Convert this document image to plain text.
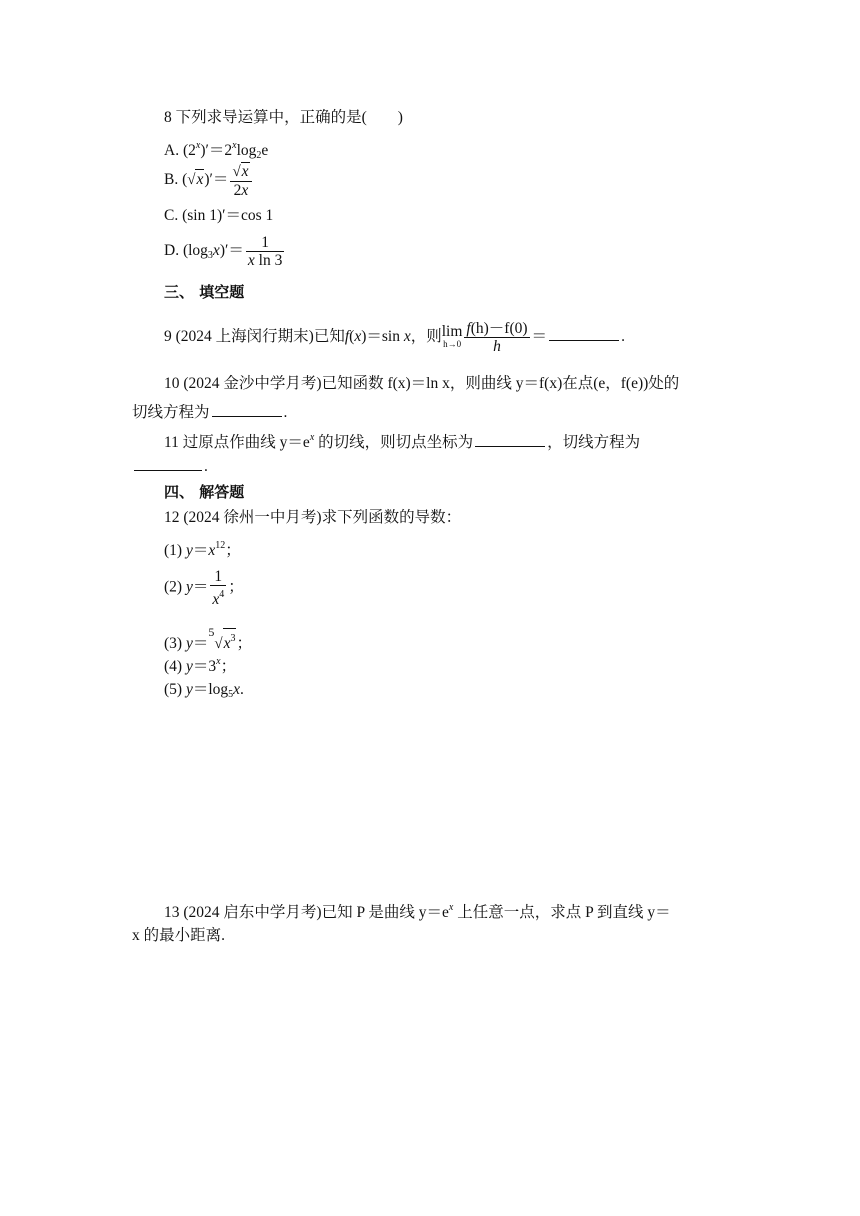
8 下列求导运算中，正确的是(　　)
A. $(2^x)'=2^x\log_2e$
B. $(√x)'= \frac{√x}{2x}$
C. (sin 1)′＝cos 1
D. $(\log_3x)'= \frac{1}{\text{x ln 3}}$
三、 填空题
9 (2024 上海闵行期末)已知f(x)＝sin x，则lim
$h\to 0 \frac{f(h)-f(0)}{h}$ ＝	.
10 (2024 金沙中学月考)已知函数 f(x)＝ln x，则曲线 y＝f(x)在点(e，f(e))处的
切线方程为	.
11 过原点作曲线 $y=e^x$ 的切线，则切点坐标为	，切线方程为
.
四、 解答题
12 (2024 徐州一中月考)求下列函数的导数：
(1) $y=x^{12}$；
(2) $y= \frac{1}{x^4}$ ；
(3) $y=^5√x^3$；
(4) $y=3^x$；
(5) $y=\log_5x$.
13 (2024 启东中学月考)已知 P 是曲线 $y=e^x$ 上任意一点，求点 P 到直线 y＝
x 的最小距离.
